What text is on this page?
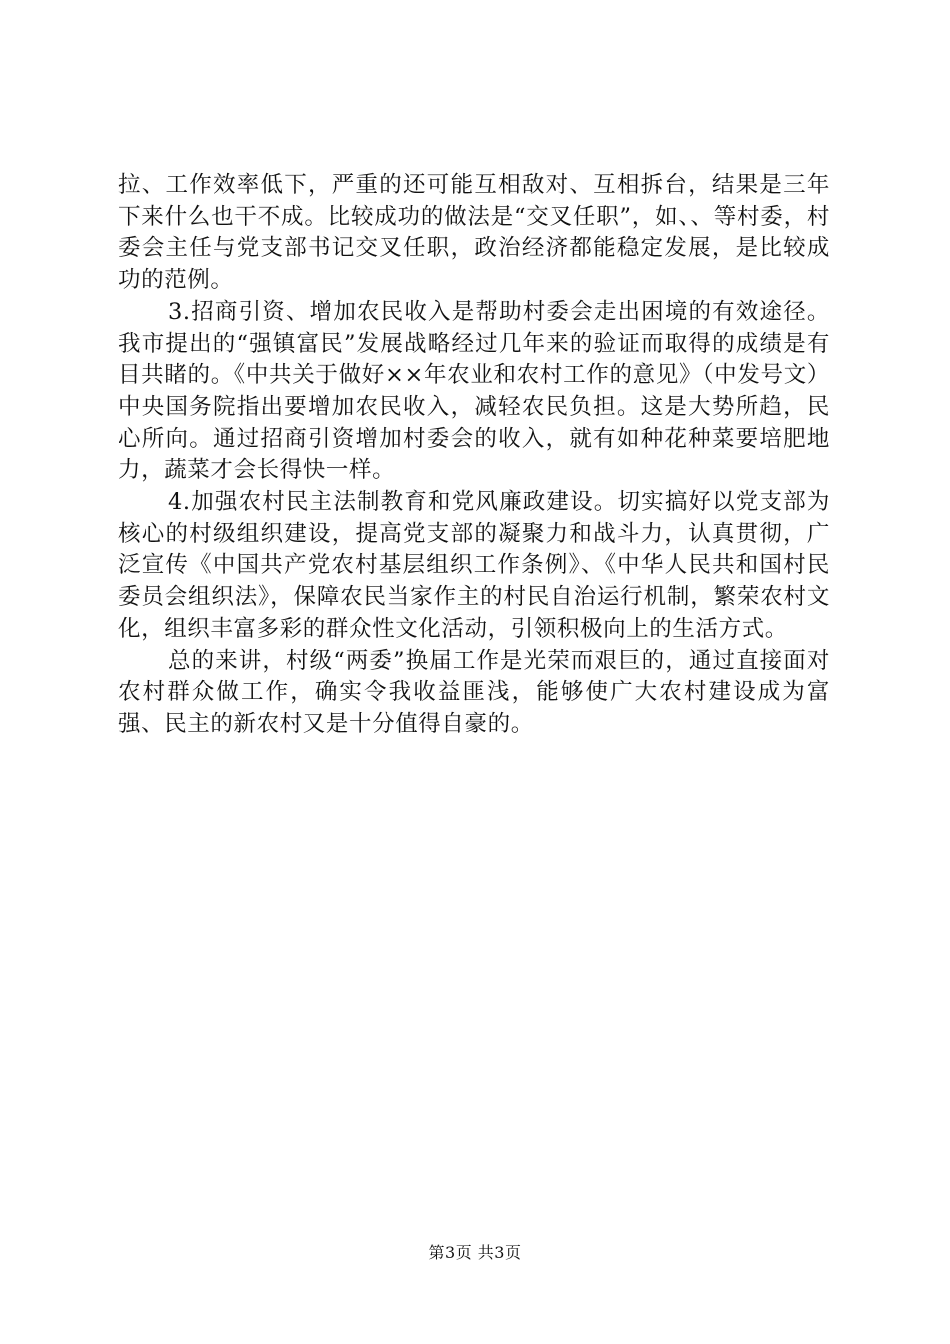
拉、工作效率低下，严重的还可能互相敌对、互相拆台，结果是三年下来什么也干不成。比较成功的做法是“交叉任职”，如、、等村委，村委会主任与党支部书记交叉任职，政治经济都能稳定发展，是比较成功的范例。

3.招商引资、增加农民收入是帮助村委会走出困境的有效途径。我市提出的“强镇富民”发展战略经过几年来的验证而取得的成绩是有目共睹的。《中共关于做好××年农业和农村工作的意见》（中发号文）中央国务院指出要增加农民收入，减轻农民负担。这是大势所趋，民心所向。通过招商引资增加村委会的收入，就有如种花种菜要培肥地力，蔬菜才会长得快一样。

4.加强农村民主法制教育和党风廉政建设。切实搞好以党支部为核心的村级组织建设，提高党支部的凝聚力和战斗力，认真贯彻，广泛宣传《中国共产党农村基层组织工作条例》、《中华人民共和国村民委员会组织法》，保障农民当家作主的村民自治运行机制，繁荣农村文化，组织丰富多彩的群众性文化活动，引领积极向上的生活方式。

总的来讲，村级“两委”换届工作是光荣而艰巨的，通过直接面对农村群众做工作，确实令我收益匪浅，能够使广大农村建设成为富强、民主的新农村又是十分值得自豪的。

第3页 共3页
